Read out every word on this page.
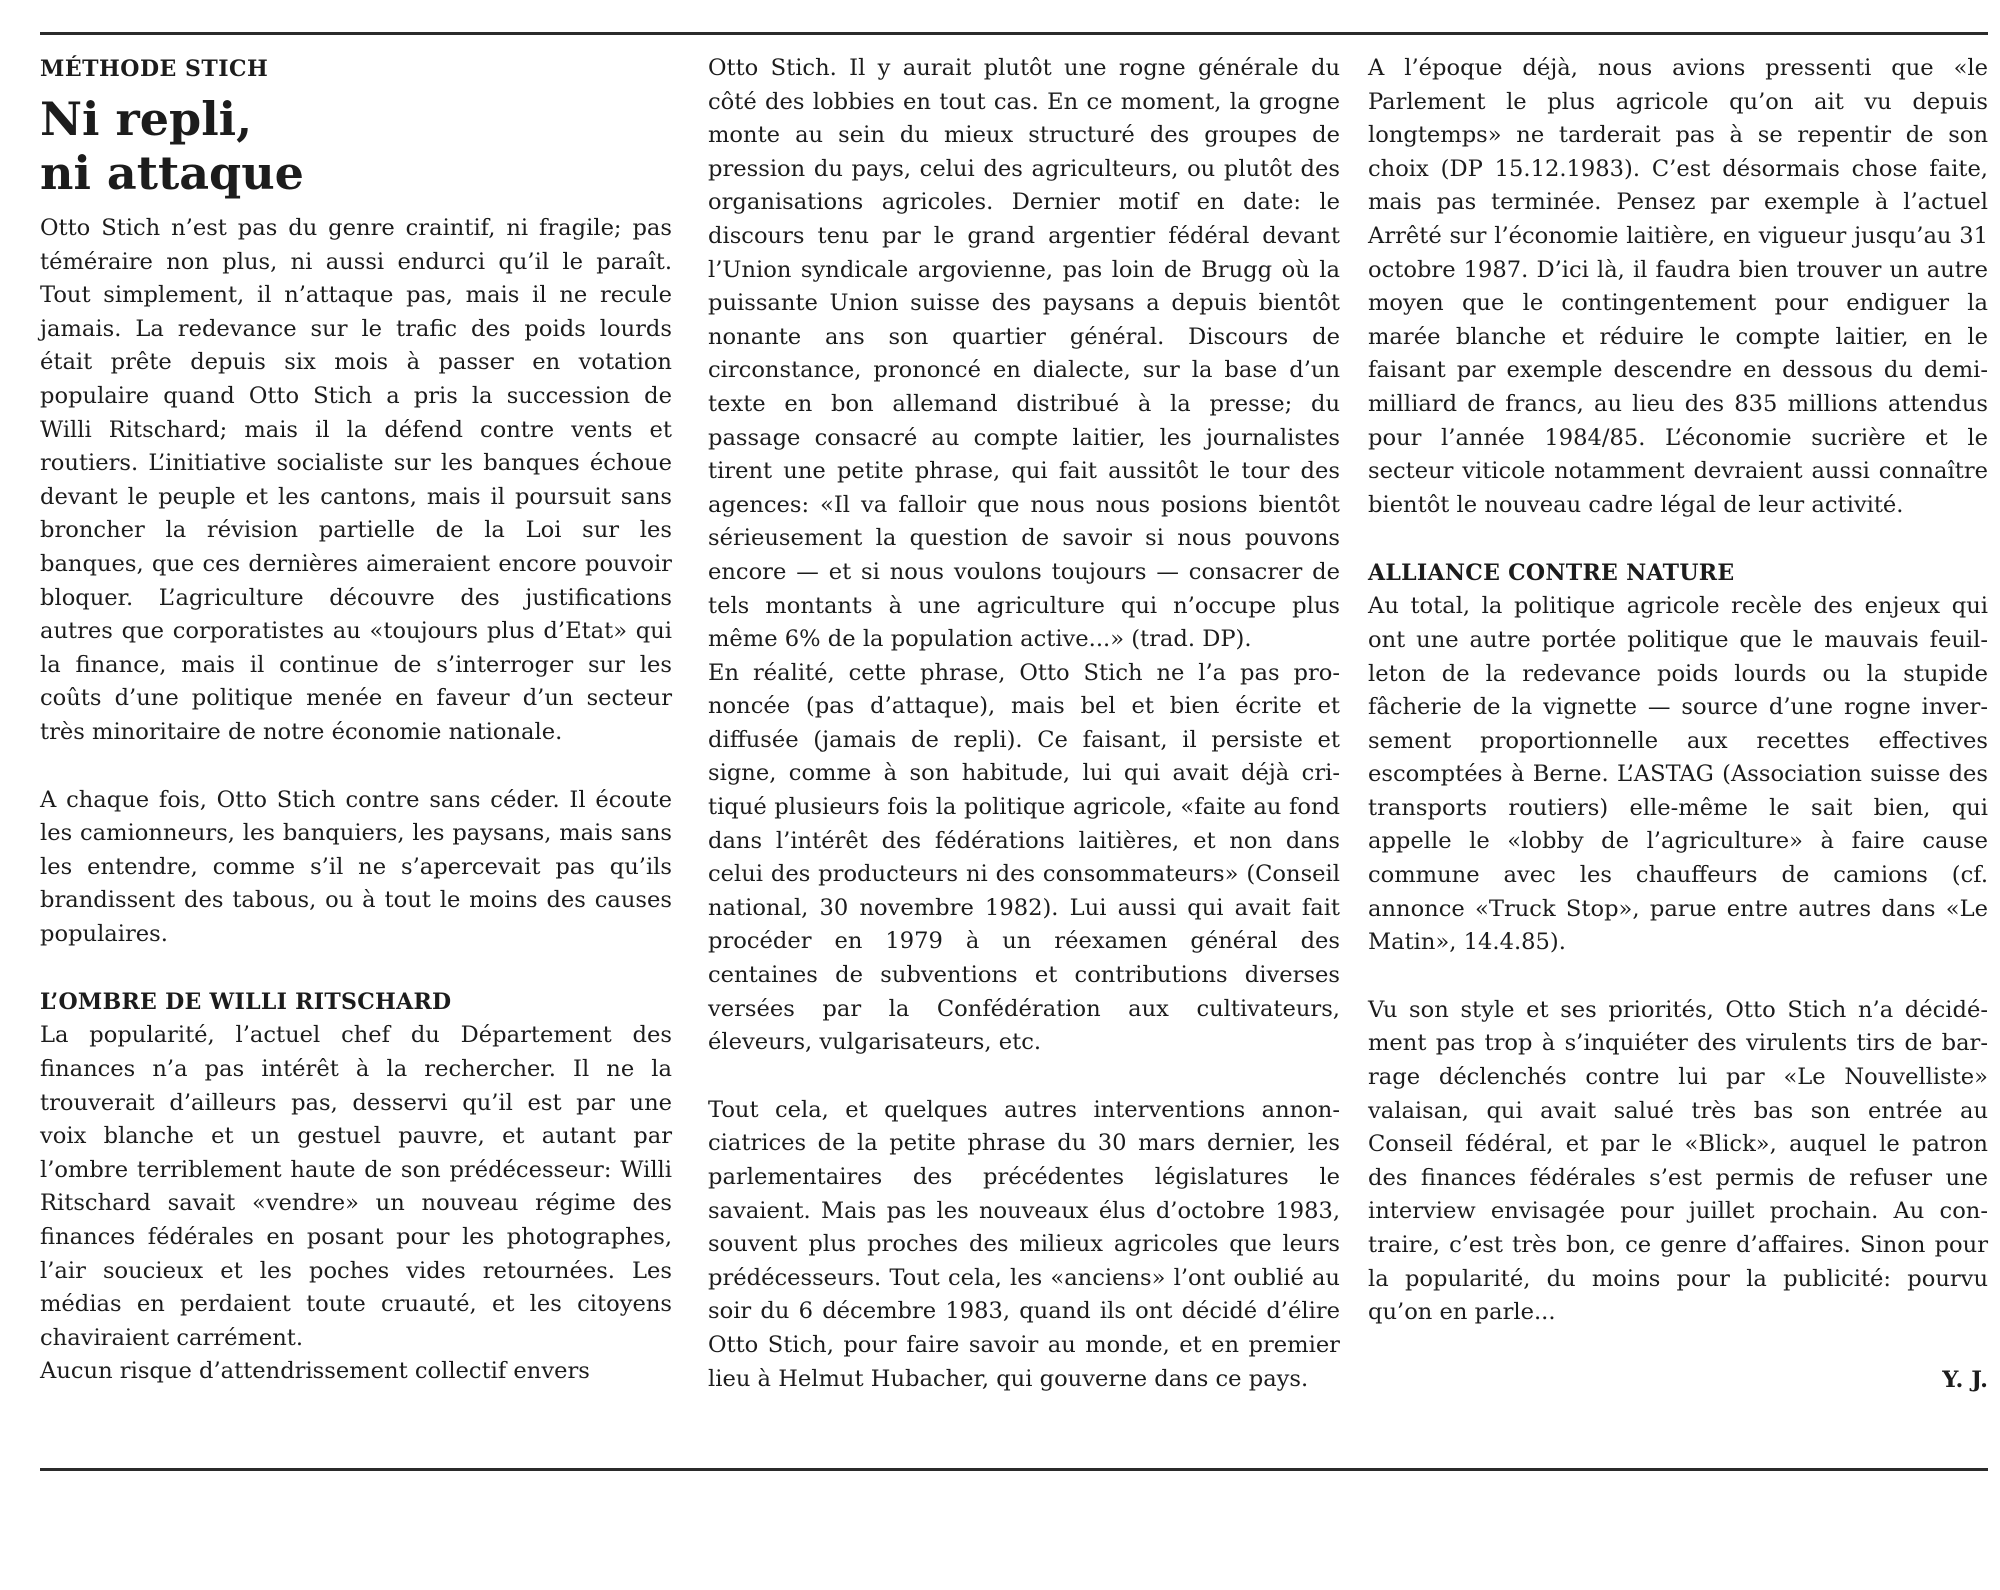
MÉTHODE STICH

Ni repli,
ni attaque

Otto Stich n’est pas du genre craintif, ni fragile; pas téméraire non plus, ni aussi endurci qu’il le paraît. Tout simplement, il n’attaque pas, mais il ne recule jamais. La redevance sur le trafic des poids lourds était prête depuis six mois à passer en votation populaire quand Otto Stich a pris la succession de Willi Ritschard; mais il la défend contre vents et routiers. L’initiative socialiste sur les banques échoue devant le peuple et les cantons, mais il poursuit sans broncher la révision partielle de la Loi sur les banques, que ces dernières aimeraient encore pouvoir bloquer. L’agriculture découvre des justifications autres que corporatistes au «toujours plus d’Etat» qui la finance, mais il continue de s’interroger sur les coûts d’une politique menée en faveur d’un secteur très minoritaire de notre économie nationale.

A chaque fois, Otto Stich contre sans céder. Il écoute les camionneurs, les banquiers, les paysans, mais sans les entendre, comme s’il ne s’apercevait pas qu’ils brandissent des tabous, ou à tout le moins des causes populaires.

L’OMBRE DE WILLI RITSCHARD

La popularité, l’actuel chef du Département des finances n’a pas intérêt à la rechercher. Il ne la trouverait d’ailleurs pas, desservi qu’il est par une voix blanche et un gestuel pauvre, et autant par l’ombre terriblement haute de son prédécesseur: Willi Ritschard savait «vendre» un nouveau régime des finances fédérales en posant pour les photographes, l’air soucieux et les poches vides retournées. Les médias en perdaient toute cruauté, et les citoyens chaviraient carrément.

Aucun risque d’attendrissement collectif envers

Otto Stich. Il y aurait plutôt une rogne générale du côté des lobbies en tout cas. En ce moment, la grogne monte au sein du mieux structuré des groupes de pression du pays, celui des agriculteurs, ou plutôt des organisations agricoles. Dernier motif en date: le discours tenu par le grand argentier fédéral devant l’Union syndicale argovienne, pas loin de Brugg où la puissante Union suisse des paysans a depuis bientôt nonante ans son quartier général. Discours de circonstance, prononcé en dialecte, sur la base d’un texte en bon allemand distribué à la presse; du passage consacré au compte laitier, les journalistes tirent une petite phrase, qui fait aussitôt le tour des agences: «Il va falloir que nous nous posions bientôt sérieusement la question de savoir si nous pouvons encore — et si nous voulons toujours — consacrer de tels montants à une agriculture qui n’occupe plus même 6% de la population active...» (trad. DP).

En réalité, cette phrase, Otto Stich ne l’a pas prononcée (pas d’attaque), mais bel et bien écrite et diffusée (jamais de repli). Ce faisant, il persiste et signe, comme à son habitude, lui qui avait déjà critiqué plusieurs fois la politique agricole, «faite au fond dans l’intérêt des fédérations laitières, et non dans celui des producteurs ni des consommateurs» (Conseil national, 30 novembre 1982). Lui aussi qui avait fait procéder en 1979 à un réexamen général des centaines de subventions et contributions diverses versées par la Confédération aux cultivateurs, éleveurs, vulgarisateurs, etc.

Tout cela, et quelques autres interventions annonciatrices de la petite phrase du 30 mars dernier, les parlementaires des précédentes législatures le savaient. Mais pas les nouveaux élus d’octobre 1983, souvent plus proches des milieux agricoles que leurs prédécesseurs. Tout cela, les «anciens» l’ont oublié au soir du 6 décembre 1983, quand ils ont décidé d’élire Otto Stich, pour faire savoir au monde, et en premier lieu à Helmut Hubacher, qui gouverne dans ce pays.

A l’époque déjà, nous avions pressenti que «le Parlement le plus agricole qu’on ait vu depuis longtemps» ne tarderait pas à se repentir de son choix (DP 15.12.1983). C’est désormais chose faite, mais pas terminée. Pensez par exemple à l’actuel Arrêté sur l’économie laitière, en vigueur jusqu’au 31 octobre 1987. D’ici là, il faudra bien trouver un autre moyen que le contingentement pour endiguer la marée blanche et réduire le compte laitier, en le faisant par exemple descendre en dessous du demi-milliard de francs, au lieu des 835 millions attendus pour l’année 1984/85. L’économie sucrière et le secteur viticole notamment devraient aussi connaître bientôt le nouveau cadre légal de leur activité.

ALLIANCE CONTRE NATURE

Au total, la politique agricole recèle des enjeux qui ont une autre portée politique que le mauvais feuilleton de la redevance poids lourds ou la stupide fâcherie de la vignette — source d’une rogne inversement proportionnelle aux recettes effectives escomptées à Berne. L’ASTAG (Association suisse des transports routiers) elle-même le sait bien, qui appelle le «lobby de l’agriculture» à faire cause commune avec les chauffeurs de camions (cf. annonce «Truck Stop», parue entre autres dans «Le Matin», 14.4.85).

Vu son style et ses priorités, Otto Stich n’a décidément pas trop à s’inquiéter des virulents tirs de barrage déclenchés contre lui par «Le Nouvelliste» valaisan, qui avait salué très bas son entrée au Conseil fédéral, et par le «Blick», auquel le patron des finances fédérales s’est permis de refuser une interview envisagée pour juillet prochain. Au contraire, c’est très bon, ce genre d’affaires. Sinon pour la popularité, du moins pour la publicité: pourvu qu’on en parle...

Y. J.
